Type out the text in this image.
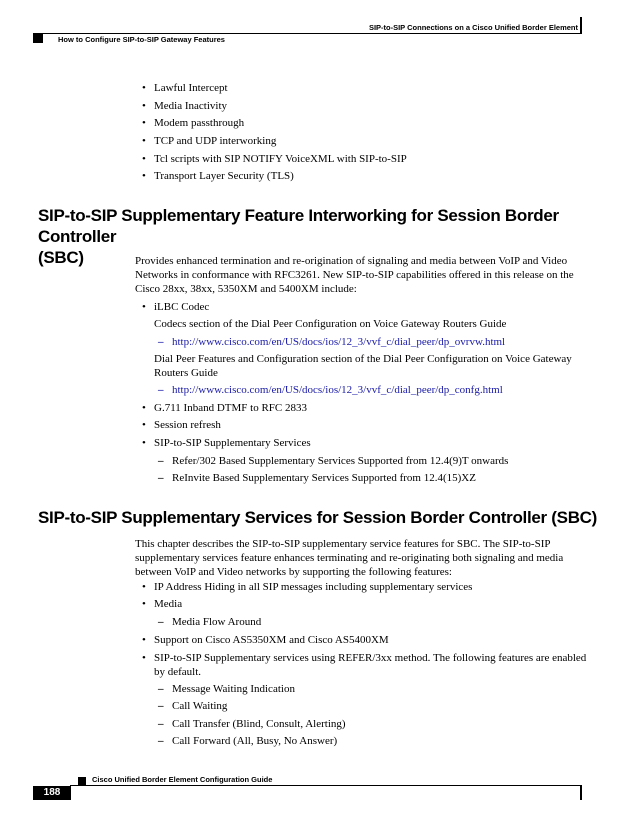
SIP-to-SIP Connections on a Cisco Unified Border Element
How to Configure SIP-to-SIP Gateway Features
• Lawful Intercept
• Media Inactivity
• Modem passthrough
• TCP and UDP interworking
• Tcl scripts with SIP NOTIFY VoiceXML with SIP-to-SIP
• Transport Layer Security (TLS)
SIP-to-SIP Supplementary Feature Interworking for Session Border Controller
(SBC)	Provides enhanced termination and re-origination of signaling and media between VoIP and Video Networks in conformance with RFC3261. New SIP-to-SIP capabilities offered in this release on the Cisco 28xx, 38xx, 5350XM and 5400XM include:

• iLBC Codec

Codecs section of the Dial Peer Configuration on Voice Gateway Routers Guide

– http://www.cisco.com/en/US/docs/ios/12_3/vvf_c/dial_peer/dp_ovrvw.html

Dial Peer Features and Configuration section of the Dial Peer Configuration on Voice Gateway Routers Guide

– http://www.cisco.com/en/US/docs/ios/12_3/vvf_c/dial_peer/dp_confg.html

• G.711 Inband DTMF to RFC 2833

• Session refresh

• SIP-to-SIP Supplementary Services

– Refer/302 Based Supplementary Services Supported from 12.4(9)T onwards

– ReInvite Based Supplementary Services Supported from 12.4(15)XZ

SIP-to-SIP Supplementary Services for Session Border Controller (SBC)

This chapter describes the SIP-to-SIP supplementary service features for SBC. The SIP-to-SIP supplementary services feature enhances terminating and re-originating both signaling and media between VoIP and Video networks by supporting the following features:

• IP Address Hiding in all SIP messages including supplementary services

• Media

– Media Flow Around

• Support on Cisco AS5350XM and Cisco AS5400XM

• SIP-to-SIP Supplementary services using REFER/3xx method. The following features are enabled by default.

– Message Waiting Indication

– Call Waiting

– Call Transfer (Blind, Consult, Alerting)

– Call Forward (All, Busy, No Answer)

Cisco Unified Border Element Configuration Guide
188
